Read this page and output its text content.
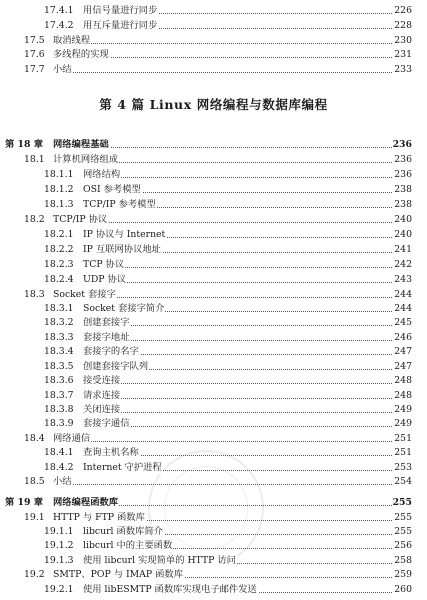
第 4 篇 Linux 网络编程与数据库编程
17.4.1 用信号量进行同步	226
17.4.2 用互斥量进行同步	228
17.5 取消线程	230
17.6 多线程的实现	231
17.7 小结	233
第 18 章 网络编程基础	236
18.1 计算机网络组成	236
18.1.1 网络结构	236
18.1.2 OSI 参考模型	238
18.1.3 TCP/IP 参考模型	238
18.2 TCP/IP 协议	240
18.2.1 IP 协议与 Internet	240
18.2.2 IP 互联网协议地址	241
18.2.3 TCP 协议	242
18.2.4 UDP 协议	243
18.3 Socket 套接字	244
18.3.1 Socket 套接字简介	244
18.3.2 创建套接字	245
18.3.3 套接字地址	246
18.3.4 套接字的名字	247
18.3.5 创建套接字队列	247
18.3.6 接受连接	248
18.3.7 请求连接	248
18.3.8 关闭连接	249
18.3.9 套接字通信	249
18.4 网络通信	251
18.4.1 查询主机名称	251
18.4.2 Internet 守护进程	253
18.5 小结	254
第 19 章 网络编程函数库	255
19.1 HTTP 与 FTP 函数库	255
19.1.1 libcurl 函数库简介	255
19.1.2 libcurl 中的主要函数	256
19.1.3 使用 libcurl 实现简单的 HTTP 访问	258
19.2 SMTP、POP 与 IMAP 函数库	259
19.2.1 使用 libESMTP 函数库实现电子邮件发送	260
